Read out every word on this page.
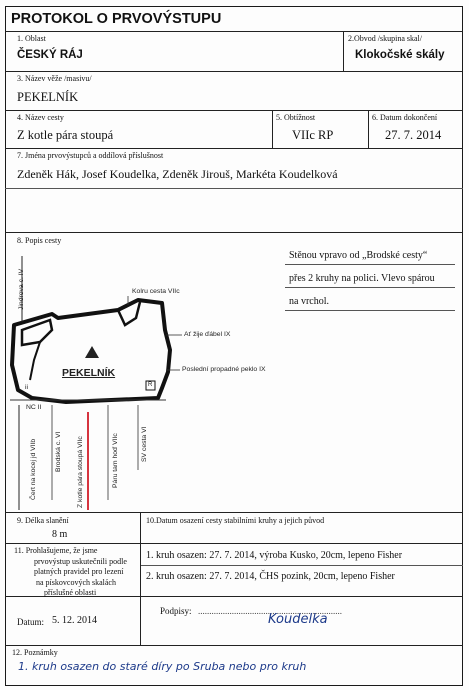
PROTOKOL O PRVOVÝSTUPU
1. Oblast
ČESKÝ RÁJ
2.Obvod /skupina skal/
Klokočské skály
3. Název věže /masivu/
PEKELNÍK
4. Název cesty
Z kotle pára stoupá
5. Obtížnost
VIIc RP
6. Datum dokončení
27. 7. 2014
7. Jména prvovýstupců a oddílová příslušnost
Zdeněk Hák, Josef Koudelka, Zdeněk Jirouš, Markéta Koudelková
8. Popis cesty
Stěnou vpravo od „Brodské cesty“
přes 2 kruhy na polici. Vlevo spárou
na vrchol.
PEKELNÍK
Jindrova c. IV
Čert na kocej jd VIIb	Brodská c. VI Z kotle pára stoupá VIIc	Páru tam hoď VIIc	SV cesta VI
NC II
Kolru cesta VIIc
Ať žije ďábel IX
Poslední propadné peklo IX
ii	R
9. Délka slanění
8 m
10.Datum osazení cesty stabilními kruhy a jejich původ
11. Prohlašujeme, že jsme
prvovýstup uskutečnili podle
platných pravidel pro lezení
na pískovcových skalách
příslušné oblasti
1. kruh osazen: 27. 7. 2014, výroba Kusko, 20cm, lepeno Fisher
2. kruh osazen: 27. 7. 2014, ČHS pozink, 20cm, lepeno Fisher
Datum: 5. 12. 2014
Podpisy: ................................................................
Koudelka
12. Poznámky
1. kruh osazen do staré díry po Sruba nebo pro kruh
